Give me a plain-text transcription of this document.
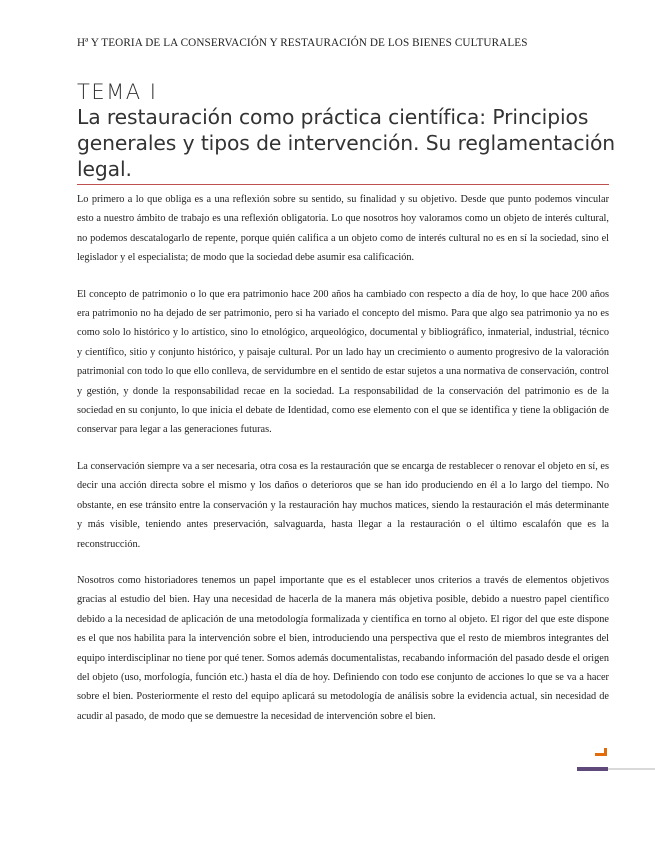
Hª Y TEORIA DE LA CONSERVACIÓN Y RESTAURACIÓN DE LOS BIENES CULTURALES
TEMA I
La restauración como práctica científica: Principios generales y tipos de intervención. Su reglamentación legal.

Lo primero a lo que obliga es a una reflexión sobre su sentido, su finalidad y su objetivo. Desde que punto podemos vincular esto a nuestro ámbito de trabajo es una reflexión obligatoria. Lo que nosotros hoy valoramos como un objeto de interés cultural, no podemos descatalogarlo de repente, porque quién califica a un objeto como de interés cultural no es en sí la sociedad, sino el legislador y el especialista; de modo que la sociedad debe asumir esa calificación.

El concepto de patrimonio o lo que era patrimonio hace 200 años ha cambiado con respecto a día de hoy, lo que hace 200 años era patrimonio no ha dejado de ser patrimonio, pero si ha variado el concepto del mismo. Para que algo sea patrimonio ya no es como solo lo histórico y lo artístico, sino lo etnológico, arqueológico, documental y bibliográfico, inmaterial, industrial, técnico y científico, sitio y conjunto histórico, y paisaje cultural. Por un lado hay un crecimiento o aumento progresivo de la valoración patrimonial con todo lo que ello conlleva, de servidumbre en el sentido de estar sujetos a una normativa de conservación, control y gestión, y donde la responsabilidad recae en la sociedad. La responsabilidad de la conservación del patrimonio es de la sociedad en su conjunto, lo que inicia el debate de Identidad, como ese elemento con el que se identifica y tiene la obligación de conservar para legar a las generaciones futuras.

La conservación siempre va a ser necesaria, otra cosa es la restauración que se encarga de restablecer o renovar el objeto en sí, es decir una acción directa sobre el mismo y los daños o deterioros que se han ido produciendo en él a lo largo del tiempo. No obstante, en ese tránsito entre la conservación y la restauración hay muchos matices, siendo la restauración el más determinante y más visible, teniendo antes preservación, salvaguarda, hasta llegar a la restauración o el último escalafón que es la reconstrucción.

Nosotros como historiadores tenemos un papel importante que es el establecer unos criterios a través de elementos objetivos gracias al estudio del bien. Hay una necesidad de hacerla de la manera más objetiva posible, debido a nuestro papel científico debido a la necesidad de aplicación de una metodología formalizada y científica en torno al objeto. El rigor del que este dispone es el que nos habilita para la intervención sobre el bien, introduciendo una perspectiva que el resto de miembros integrantes del equipo interdisciplinar no tiene por qué tener. Somos además documentalistas, recabando información del pasado desde el origen del objeto (uso, morfología, función etc.) hasta el día de hoy. Definiendo con todo ese conjunto de acciones lo que se va a hacer sobre el bien. Posteriormente el resto del equipo aplicará su metodología de análisis sobre la evidencia actual, sin necesidad de acudir al pasado, de modo que se demuestre la necesidad de intervención sobre el bien.
